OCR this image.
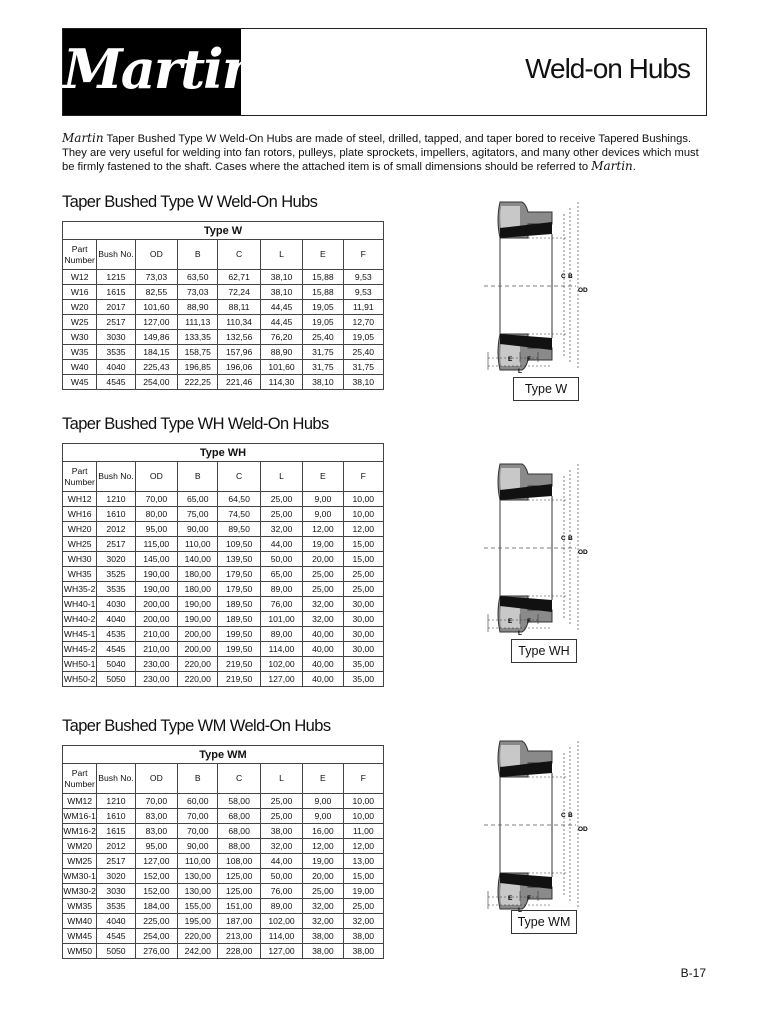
Martin	Weld-on Hubs

Martin Taper Bushed Type W Weld-On Hubs are made of steel, drilled, tapped, and taper bored to receive Tapered Bushings. They are very useful for welding into fan rotors, pulleys, plate sprockets, impellers, agitators, and many other devices which must be firmly fastened to the shaft. Cases where the attached item is of small dimensions should be referred to Martin.

Taper Bushed Type W Weld-On Hubs
Type W							
Part Number	Bush No.	OD	B	C	L	E	F
W12	1215	73,03	63,50	62,71	38,10	15,88	9,53
W16	1615	82,55	73,03	72,24	38,10	15,88	9,53
W20	2017	101,60	88,90	88,11	44,45	19,05	11,91
W25	2517	127,00	111,13	110,34	44,45	19,05	12,70
W30	3030	149,86	133,35	132,56	76,20	25,40	19,05
W35	3535	184,15	158,75	157,96	88,90	31,75	25,40
W40	4040	225,43	196,85	196,06	101,60	31,75	31,75
W45	4545	254,00	222,25	221,46	114,30	38,10	38,10
C B
OD
E F
L
Type W
Taper Bushed Type WH Weld-On Hubs
Type WH							
Part Number	Bush No.	OD	B	C	L	E	F
WH12	1210	70,00	65,00	64,50	25,00	9,00	10,00
WH16	1610	80,00	75,00	74,50	25,00	9,00	10,00
WH20	2012	95,00	90,00	89,50	32,00	12,00	12,00
WH25	2517	115,00	110,00	109,50	44,00	19,00	15,00
WH30	3020	145,00	140,00	139,50	50,00	20,00	15,00
WH35	3525	190,00	180,00	179,50	65,00	25,00	25,00
WH35-2	3535	190,00	180,00	179,50	89,00	25,00	25,00
WH40-1	4030	200,00	190,00	189,50	76,00	32,00	30,00
WH40-2	4040	200,00	190,00	189,50	101,00	32,00	30,00
WH45-1	4535	210,00	200,00	199,50	89,00	40,00	30,00
WH45-2	4545	210,00	200,00	199,50	114,00	40,00	30,00
WH50-1	5040	230,00	220,00	219,50	102,00	40,00	35,00
WH50-2	5050	230,00	220,00	219,50	127,00	40,00	35,00
C B
OD
E F
L
Type WH
Taper Bushed Type WM Weld-On Hubs
Type WM							
Part Number	Bush No.	OD	B	C	L	E	F
WM12	1210	70,00	60,00	58,00	25,00	9,00	10,00
WM16-1	1610	83,00	70,00	68,00	25,00	9,00	10,00
WM16-2	1615	83,00	70,00	68,00	38,00	16,00	11,00
WM20	2012	95,00	90,00	88,00	32,00	12,00	12,00
WM25	2517	127,00	110,00	108,00	44,00	19,00	13,00
WM30-1	3020	152,00	130,00	125,00	50,00	20,00	15,00
WM30-2	3030	152,00	130,00	125,00	76,00	25,00	19,00
WM35	3535	184,00	155,00	151,00	89,00	32,00	25,00
WM40	4040	225,00	195,00	187,00	102,00	32,00	32,00
WM45	4545	254,00	220,00	213,00	114,00	38,00	38,00
WM50	5050	276,00	242,00	228,00	127,00	38,00	38,00
C B
OD
E F
L
Type WM
B-17
